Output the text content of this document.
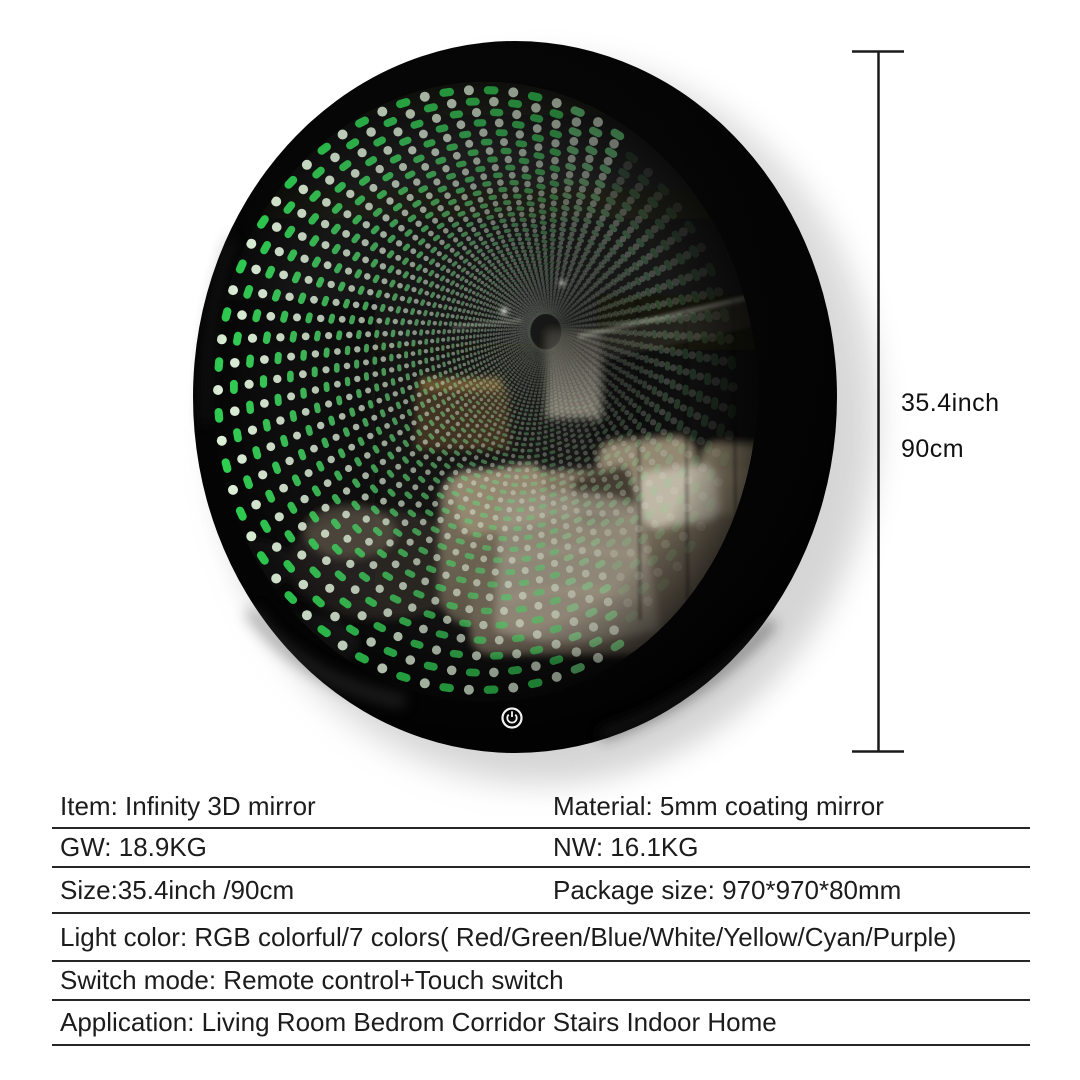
35.4inch
90cm
Item: Infinity 3D mirror	Material: 5mm coating mirror
GW: 18.9KG	NW: 16.1KG
Size:35.4inch /90cm	Package size: 970*970*80mm
Light color: RGB colorful/7 colors( Red/Green/Blue/White/Yellow/Cyan/Purple)
Switch mode: Remote control+Touch switch
Application: Living Room Bedrom Corridor Stairs Indoor Home
